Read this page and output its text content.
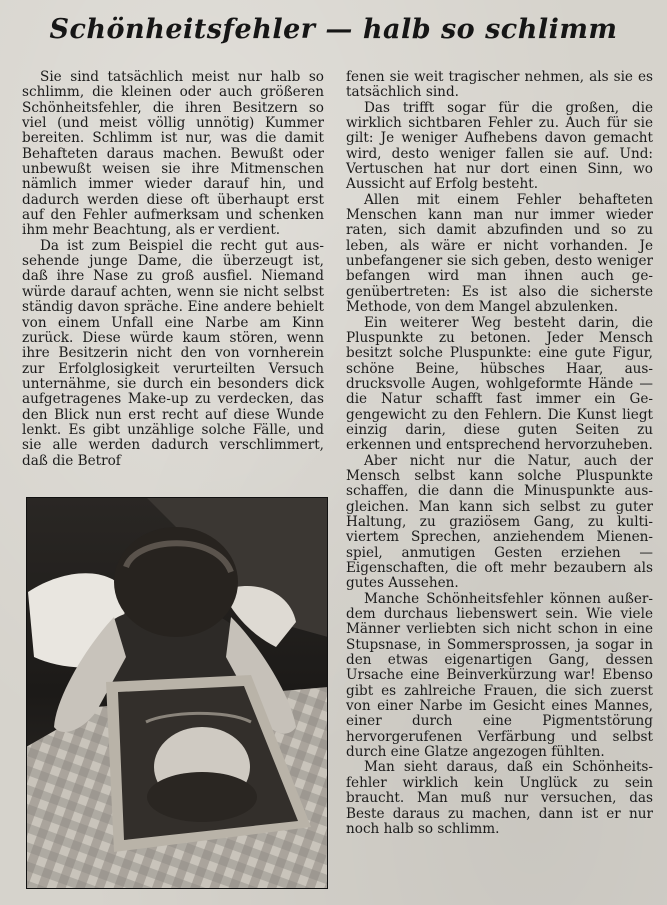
Schönheitsfehler — halb so schlimm

Sie sind tatsächlich meist nur halb so schlimm, die kleinen oder auch größeren Schönheitsfehler, die ihren Besitzern so viel (und meist völlig unnötig) Kummer bereiten. Schlimm ist nur, was die damit Behafteten daraus machen. Bewußt oder unbewußt weisen sie ihre Mitmenschen nämlich immer wieder darauf hin, und dadurch werden diese oft überhaupt erst auf den Fehler aufmerksam und schenken ihm mehr Beachtung, als er verdient.

Da ist zum Beispiel die recht gut aussehende junge Dame, die überzeugt ist, daß ihre Nase zu groß ausfiel. Niemand würde darauf achten, wenn sie nicht selbst ständig davon spräche. Eine andere behielt von einem Unfall eine Narbe am Kinn zurück. Diese würde kaum stören, wenn ihre Besitzerin nicht den von vornherein zur Erfolglosigkeit verurteilten Versuch unternähme, sie durch ein besonders dick aufgetragenes Make-up zu verdecken, das den Blick nun erst recht auf diese Wunde lenkt. Es gibt unzählige solche Fälle, und sie alle werden dadurch verschlimmert, daß die Betrof

fenen sie weit tragischer nehmen, als sie es tatsächlich sind.

Das trifft sogar für die großen, die wirklich sichtbaren Fehler zu. Auch für sie gilt: Je weniger Aufhebens davon gemacht wird, desto weniger fallen sie auf. Und: Vertuschen hat nur dort einen Sinn, wo Aussicht auf Erfolg besteht.

Allen mit einem Fehler behafteten Menschen kann man nur immer wieder raten, sich damit abzufinden und so zu leben, als wäre er nicht vorhanden. Je unbefangener sie sich geben, desto weniger befangen wird man ihnen auch gegenübertreten: Es ist also die sicherste Methode, von dem Mangel abzulenken.

Ein weiterer Weg besteht darin, die Pluspunkte zu betonen. Jeder Mensch besitzt solche Pluspunkte: eine gute Figur, schöne Beine, hübsches Haar, ausdrucksvolle Augen, wohlgeformte Hände — die Natur schafft fast immer ein Gegengewicht zu den Fehlern. Die Kunst liegt einzig darin, diese guten Seiten zu erkennen und entsprechend hervorzuheben.

Aber nicht nur die Natur, auch der Mensch selbst kann solche Pluspunkte schaffen, die dann die Minuspunkte ausgleichen. Man kann sich selbst zu guter Haltung, zu graziösem Gang, zu kultiviertem Sprechen, anziehendem Mienenspiel, anmutigen Gesten erziehen — Eigenschaften, die oft mehr bezaubern als gutes Aussehen.

Manche Schönheitsfehler können außerdem durchaus liebenswert sein. Wie viele Männer verliebten sich nicht schon in eine Stupsnase, in Sommersprossen, ja sogar in den etwas eigenartigen Gang, dessen Ursache eine Beinverkürzung war! Ebenso gibt es zahlreiche Frauen, die sich zuerst von einer Narbe im Gesicht eines Mannes, einer durch eine Pigmentstörung hervorgerufenen Verfärbung und selbst durch eine Glatze angezogen fühlten.

Man sieht daraus, daß ein Schönheitsfehler wirklich kein Unglück zu sein braucht. Man muß nur versuchen, das Beste daraus zu machen, dann ist er nur noch halb so schlimm.
